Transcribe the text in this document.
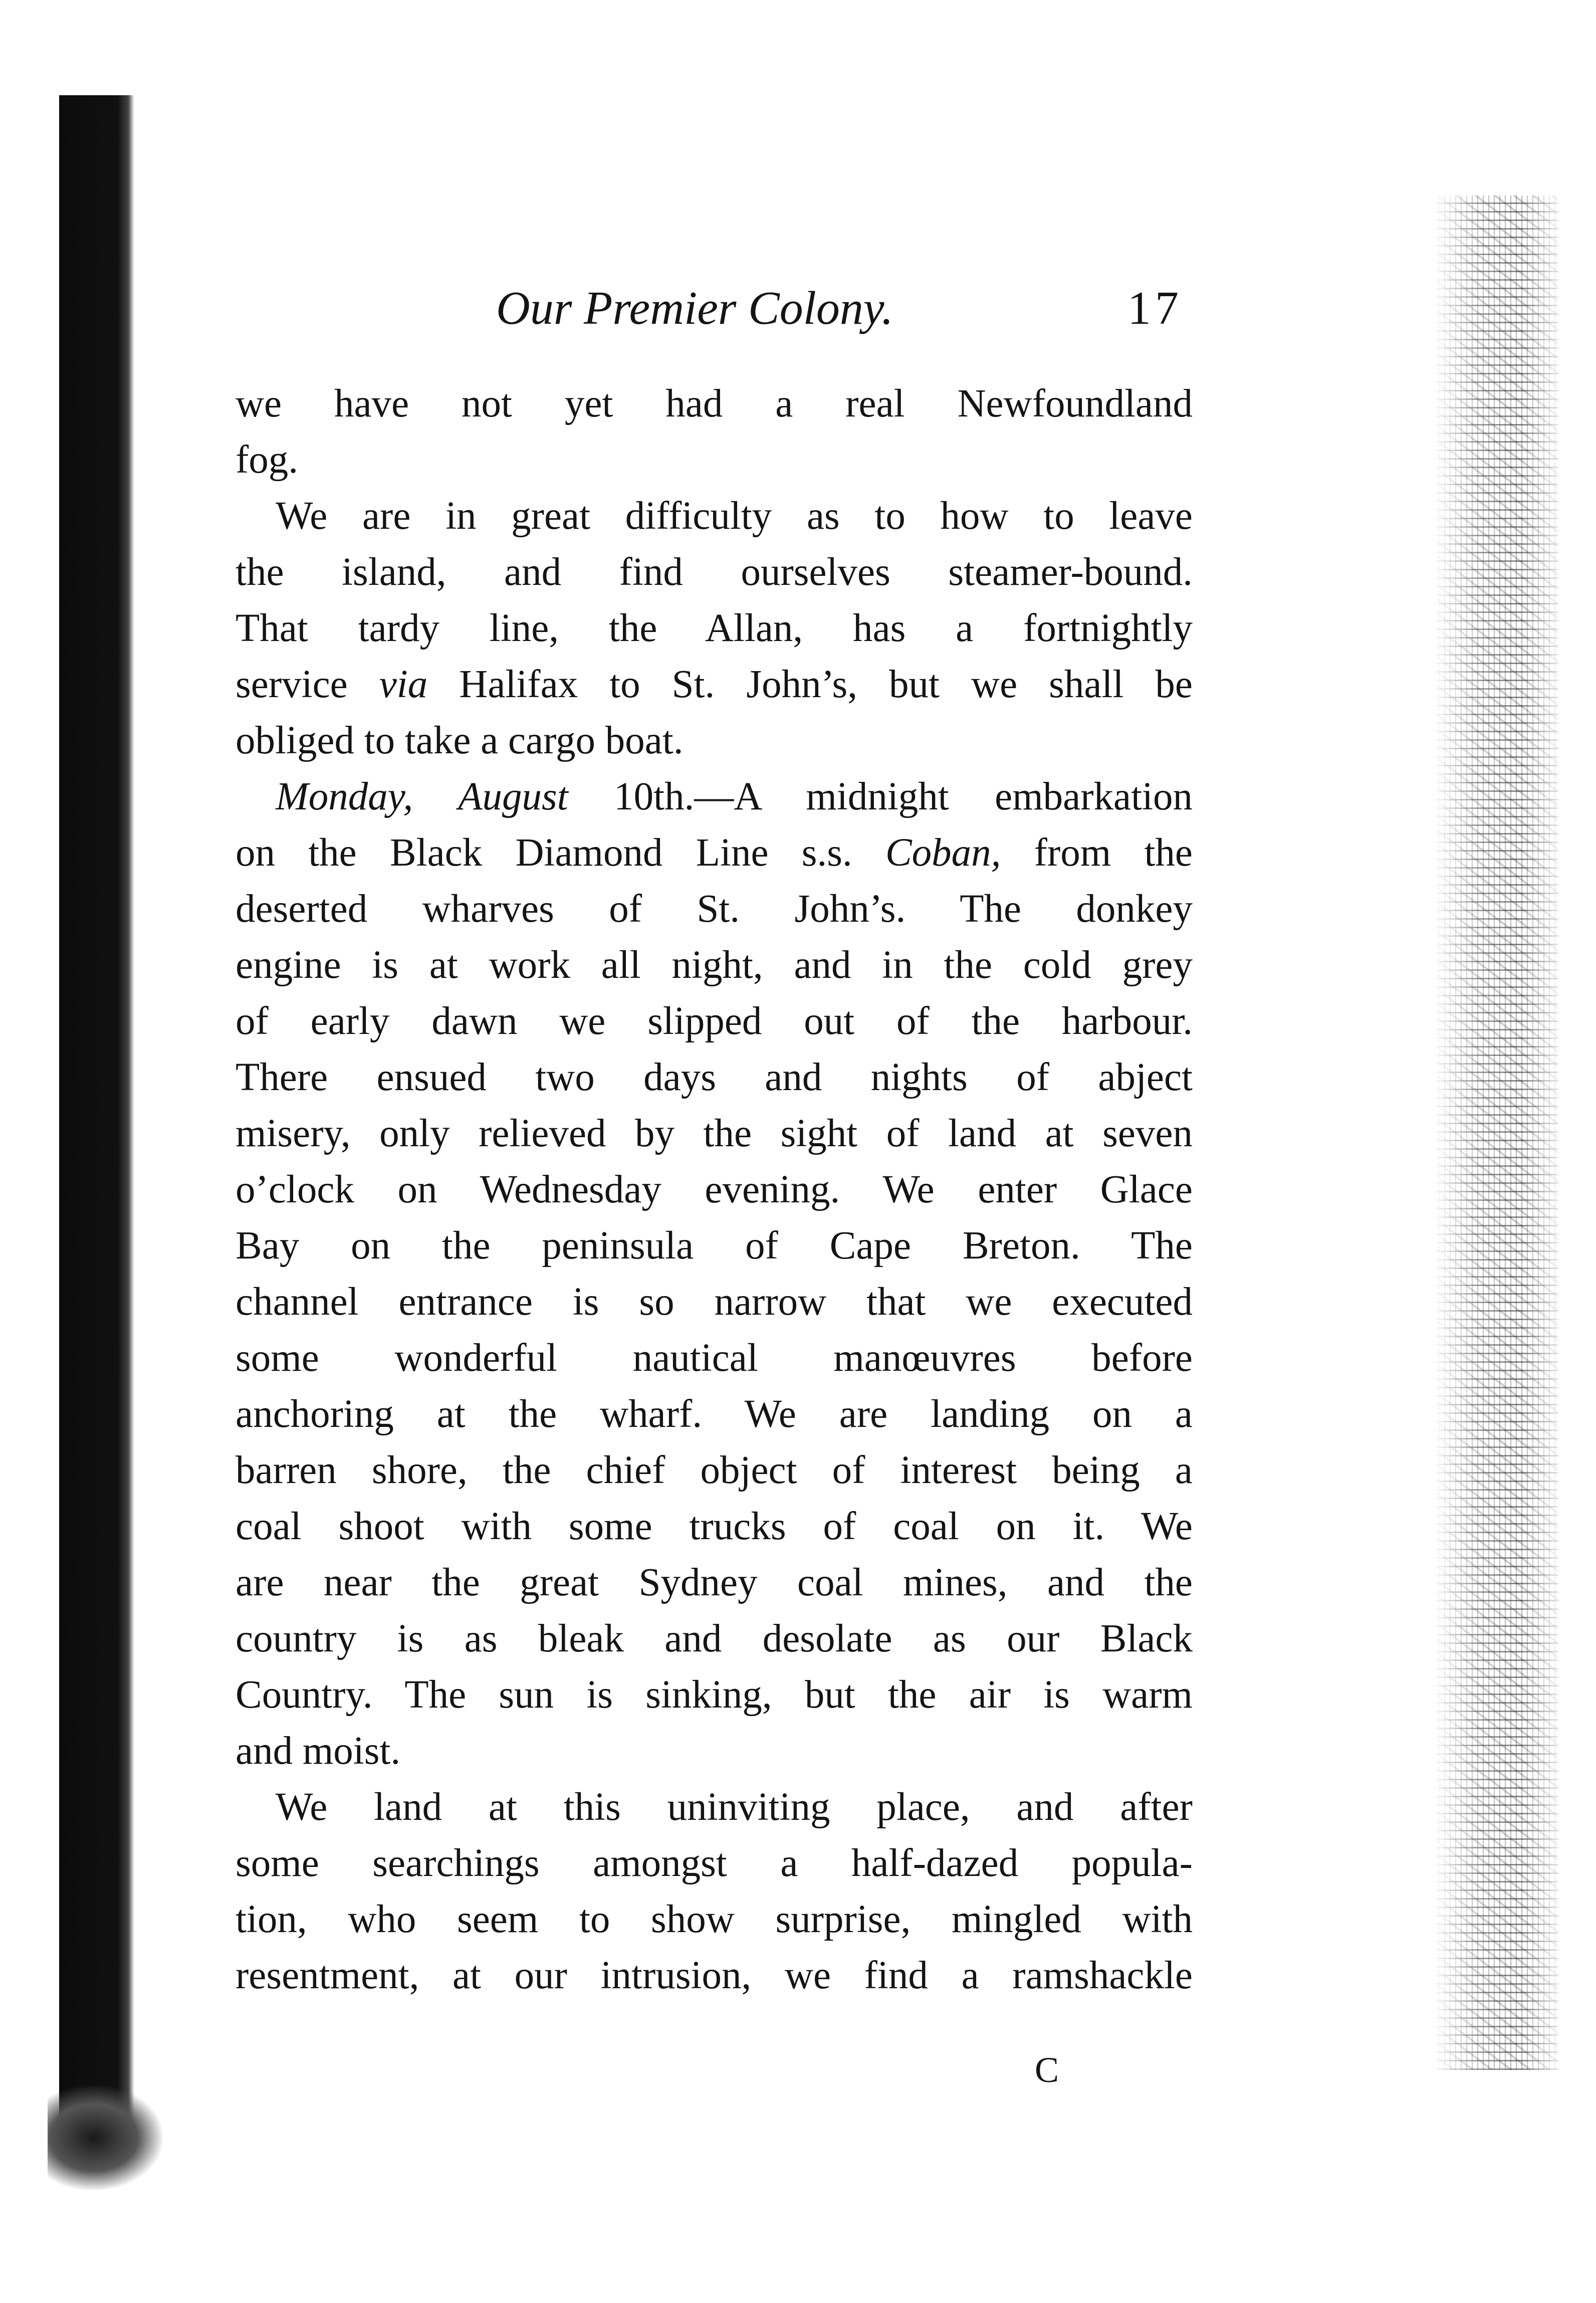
Our Premier Colony.	17
we have not yet had a real Newfoundland
fog.
We are in great difficulty as to how to leave
the island, and find ourselves steamer-bound.
That tardy line, the Allan, has a fortnightly
service via Halifax to St. John’s, but we shall be
obliged to take a cargo boat.
Monday, August 10th.—A midnight embarkation
on the Black Diamond Line s.s. Coban, from the
deserted wharves of St. John’s. The donkey
engine is at work all night, and in the cold grey
of early dawn we slipped out of the harbour.
There ensued two days and nights of abject
misery, only relieved by the sight of land at seven
o’clock on Wednesday evening. We enter Glace
Bay on the peninsula of Cape Breton. The
channel entrance is so narrow that we executed
some wonderful nautical manœuvres before
anchoring at the wharf. We are landing on a
barren shore, the chief object of interest being a
coal shoot with some trucks of coal on it. We
are near the great Sydney coal mines, and the
country is as bleak and desolate as our Black
Country. The sun is sinking, but the air is warm
and moist.
We land at this uninviting place, and after
some searchings amongst a half-dazed popula-
tion, who seem to show surprise, mingled with
resentment, at our intrusion, we find a ramshackle
C
